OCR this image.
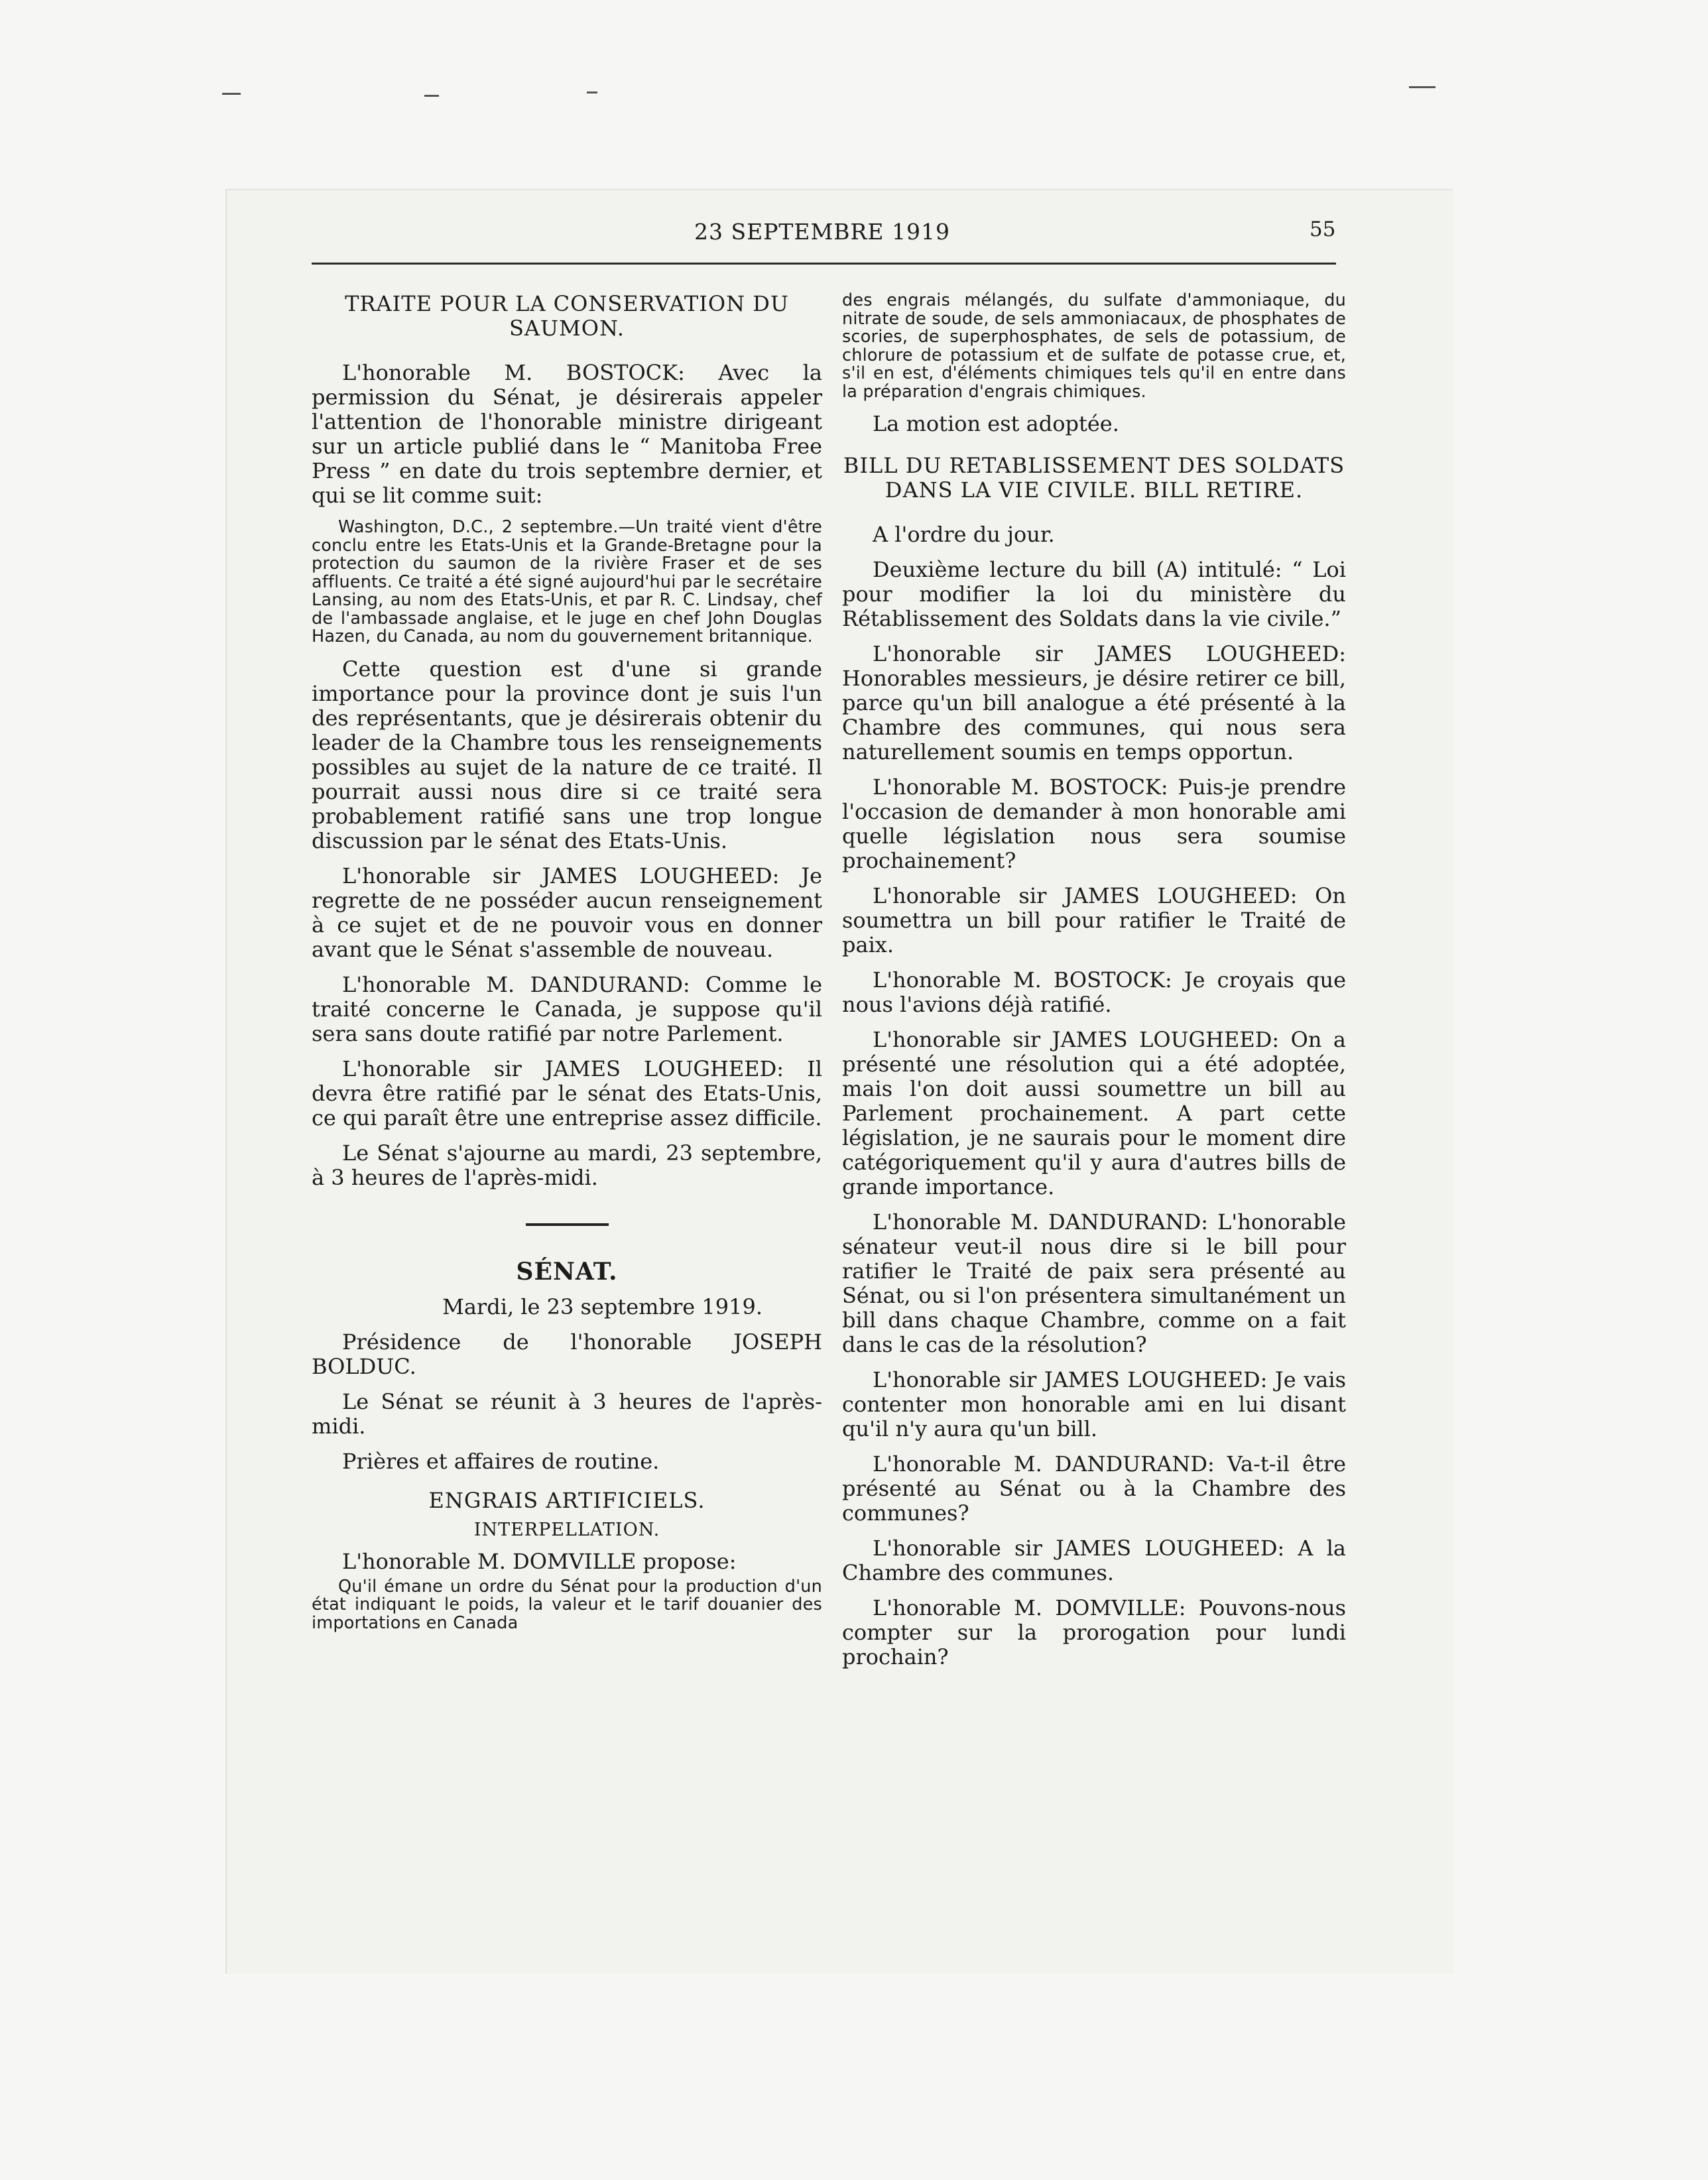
23 SEPTEMBRE 1919	55
TRAITE POUR LA CONSERVATION DU SAUMON.

L'honorable M. BOSTOCK: Avec la permission du Sénat, je désirerais appeler l'attention de l'honorable ministre dirigeant sur un article publié dans le “ Manitoba Free Press ” en date du trois septembre dernier, et qui se lit comme suit:

Washington, D.C., 2 septembre.—Un traité vient d'être conclu entre les Etats-Unis et la Grande-Bretagne pour la protection du saumon de la rivière Fraser et de ses affluents. Ce traité a été signé aujourd'hui par le secrétaire Lansing, au nom des Etats-Unis, et par R. C. Lindsay, chef de l'ambassade anglaise, et le juge en chef John Douglas Hazen, du Canada, au nom du gouvernement britannique.

Cette question est d'une si grande importance pour la province dont je suis l'un des représentants, que je désirerais obtenir du leader de la Chambre tous les renseignements possibles au sujet de la nature de ce traité. Il pourrait aussi nous dire si ce traité sera probablement ratifié sans une trop longue discussion par le sénat des Etats-Unis.

L'honorable sir JAMES LOUGHEED: Je regrette de ne posséder aucun renseignement à ce sujet et de ne pouvoir vous en donner avant que le Sénat s'assemble de nouveau.

L'honorable M. DANDURAND: Comme le traité concerne le Canada, je suppose qu'il sera sans doute ratifié par notre Parlement.

L'honorable sir JAMES LOUGHEED: Il devra être ratifié par le sénat des Etats-Unis, ce qui paraît être une entreprise assez difficile.

Le Sénat s'ajourne au mardi, 23 septembre, à 3 heures de l'après-midi.

SÉNAT.

Mardi, le 23 septembre 1919.

Présidence de l'honorable JOSEPH BOLDUC.

Le Sénat se réunit à 3 heures de l'après-midi.

Prières et affaires de routine.

ENGRAIS ARTIFICIELS.
INTERPELLATION.

L'honorable M. DOMVILLE propose:

Qu'il émane un ordre du Sénat pour la production d'un état indiquant le poids, la valeur et le tarif douanier des importations en Canada

des engrais mélangés, du sulfate d'ammoniaque, du nitrate de soude, de sels ammoniacaux, de phosphates de scories, de superphosphates, de sels de potassium, de chlorure de potassium et de sulfate de potasse crue, et, s'il en est, d'éléments chimiques tels qu'il en entre dans la préparation d'engrais chimiques.

La motion est adoptée.

BILL DU RETABLISSEMENT DES SOLDATS DANS LA VIE CIVILE. BILL RETIRE.

A l'ordre du jour.

Deuxième lecture du bill (A) intitulé: “ Loi pour modifier la loi du ministère du Rétablissement des Soldats dans la vie civile.”

L'honorable sir JAMES LOUGHEED: Honorables messieurs, je désire retirer ce bill, parce qu'un bill analogue a été présenté à la Chambre des communes, qui nous sera naturellement soumis en temps opportun.

L'honorable M. BOSTOCK: Puis-je prendre l'occasion de demander à mon honorable ami quelle législation nous sera soumise prochainement?

L'honorable sir JAMES LOUGHEED: On soumettra un bill pour ratifier le Traité de paix.

L'honorable M. BOSTOCK: Je croyais que nous l'avions déjà ratifié.

L'honorable sir JAMES LOUGHEED: On a présenté une résolution qui a été adoptée, mais l'on doit aussi soumettre un bill au Parlement prochainement. A part cette législation, je ne saurais pour le moment dire catégoriquement qu'il y aura d'autres bills de grande importance.

L'honorable M. DANDURAND: L'honorable sénateur veut-il nous dire si le bill pour ratifier le Traité de paix sera présenté au Sénat, ou si l'on présentera simultanément un bill dans chaque Chambre, comme on a fait dans le cas de la résolution?

L'honorable sir JAMES LOUGHEED: Je vais contenter mon honorable ami en lui disant qu'il n'y aura qu'un bill.

L'honorable M. DANDURAND: Va-t-il être présenté au Sénat ou à la Chambre des communes?

L'honorable sir JAMES LOUGHEED: A la Chambre des communes.

L'honorable M. DOMVILLE: Pouvons-nous compter sur la prorogation pour lundi prochain?
